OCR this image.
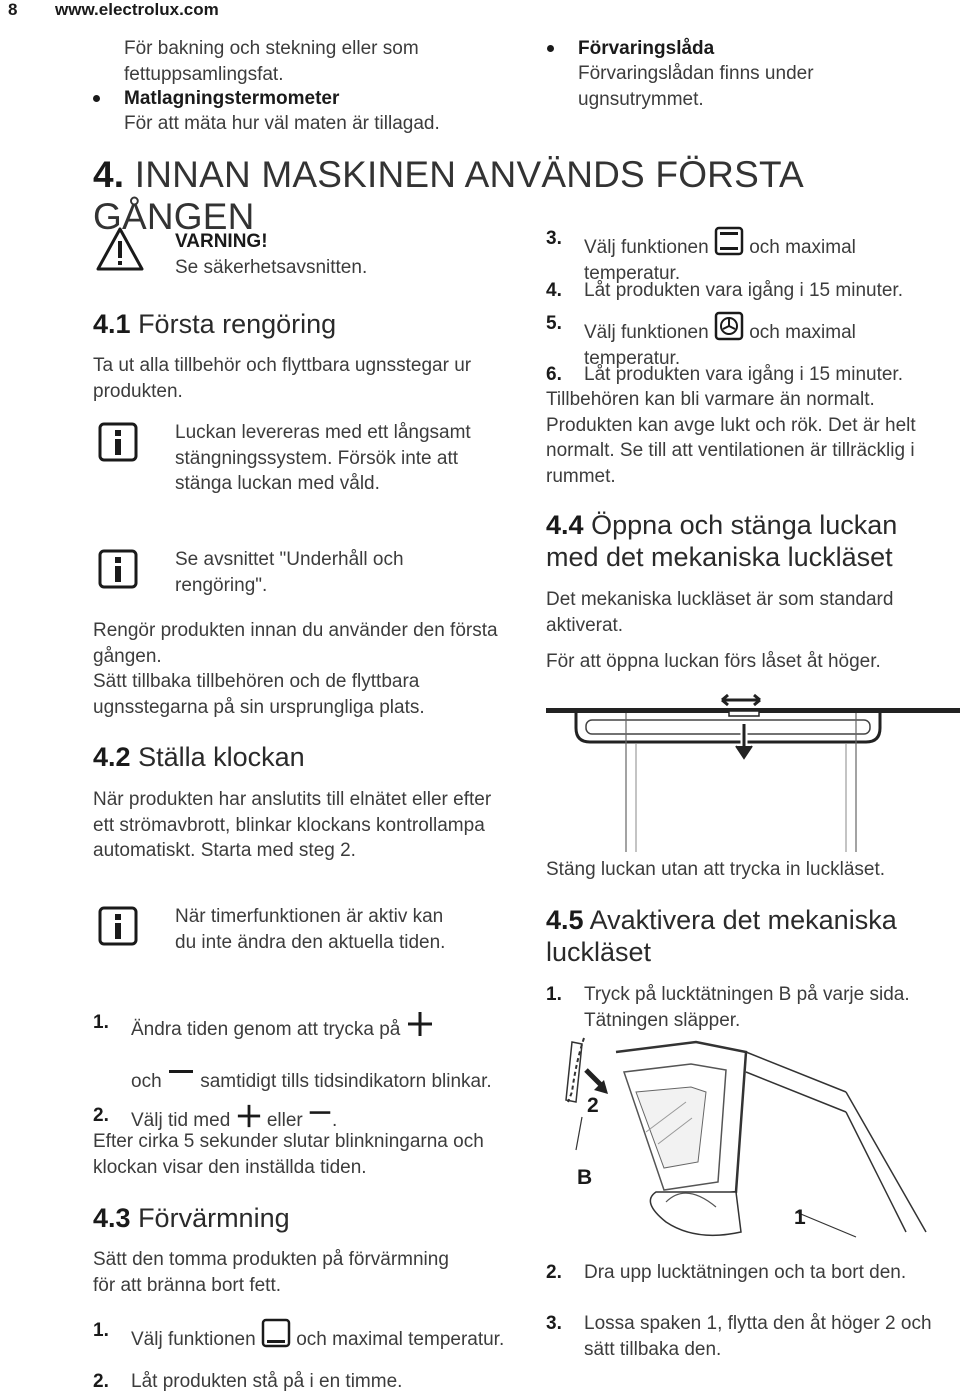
8 www.electrolux.com
För bakning och stekning eller som fettuppsamlingsfat.
Matlagningstermometer
För att mäta hur väl maten är tillagad.
Förvaringslåda
Förvaringslådan finns under ugnsutrymmet.
4. INNAN MASKINEN ANVÄNDS FÖRSTA GÅNGEN
VARNING!
Se säkerhetsavsnitten.
4.1 Första rengöring
Ta ut alla tillbehör och flyttbara ugnsstegar ur produkten.
Luckan levereras med ett långsamt stängningssystem. Försök inte att stänga luckan med våld.
Se avsnittet "Underhåll och rengöring".
Rengör produkten innan du använder den första gången.
Sätt tillbaka tillbehören och de flyttbara ugnsstegarna på sin ursprungliga plats.
4.2 Ställa klockan
När produkten har anslutits till elnätet eller efter ett strömavbrott, blinkar klockans kontrollampa automatiskt. Starta med steg 2.
När timerfunktionen är aktiv kan du inte ändra den aktuella tiden.
1.	Ändra tiden genom att trycka på

och samtidigt tills tidsindikatorn blinkar.
2.	Välj tid med eller .
Efter cirka 5 sekunder slutar blinkningarna och klockan visar den inställda tiden.
4.3 Förvärmning
Sätt den tomma produkten på förvärmning för att bränna bort fett.
1.	Välj funktionen och maximal temperatur.
2.	Låt produkten stå på i en timme.
3.	Välj funktionen och maximal temperatur.
4.	Låt produkten vara igång i 15 minuter.
5.	Välj funktionen och maximal temperatur.
6.	Låt produkten vara igång i 15 minuter.
Tillbehören kan bli varmare än normalt. Produkten kan avge lukt och rök. Det är helt normalt. Se till att ventilationen är tillräcklig i rummet.
4.4 Öppna och stänga luckan med det mekaniska luckläset
Det mekaniska luckläset är som standard aktiverat.
För att öppna luckan förs låset åt höger.
Stäng luckan utan att trycka in luckläset.
4.5 Avaktivera det mekaniska luckläset
1.	Tryck på lucktätningen B på varje sida. Tätningen släpper.
2
B
1
2.	Dra upp lucktätningen och ta bort den.
3.	Lossa spaken 1, flytta den åt höger 2 och sätt tillbaka den.
